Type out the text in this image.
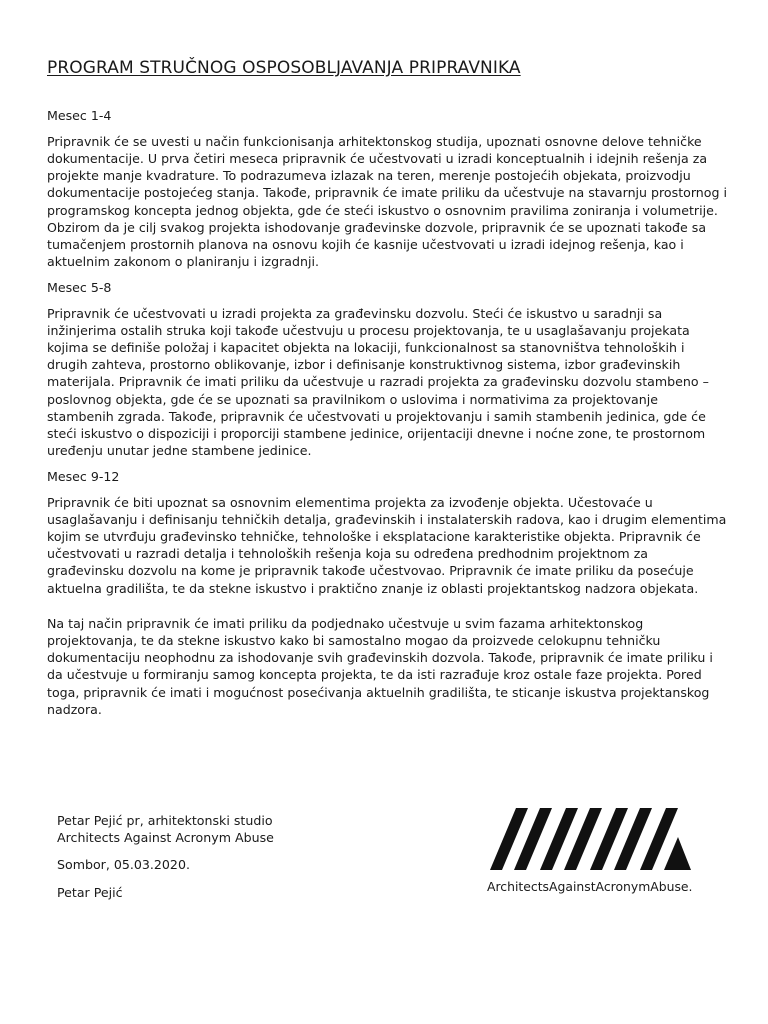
PROGRAM STRUČNOG OSPOSOBLJAVANJA PRIPRAVNIKA

Mesec 1-4

Pripravnik će se uvesti u način funkcionisanja arhitektonskog studija, upoznati osnovne delove tehničke dokumentacije. U prva četiri meseca pripravnik će učestvovati u izradi konceptualnih i idejnih rešenja za projekte manje kvadrature. To podrazumeva izlazak na teren, merenje postojećih objekata, proizvodju dokumentacije postojećeg stanja. Takođe, pripravnik će imate priliku da učestvuje na stavarnju prostornog i programskog koncepta jednog objekta, gde će steći iskustvo o osnovnim pravilima zoniranja i volumetrije. Obzirom da je cilj svakog projekta ishodovanje građevinske dozvole, pripravnik će se upoznati takođe sa tumačenjem prostornih planova na osnovu kojih će kasnije učestvovati u izradi idejnog rešenja, kao i aktuelnim zakonom o planiranju i izgradnji.

Mesec 5-8

Pripravnik će učestvovati u izradi projekta za građevinsku dozvolu. Steći će iskustvo u saradnji sa inžinjerima ostalih struka koji takođe učestvuju u procesu projektovanja, te u usaglašavanju projekata kojima se definiše položaj i kapacitet objekta na lokaciji, funkcionalnost sa stanovništva tehnoloških i drugih zahteva, prostorno oblikovanje, izbor i definisanje konstruktivnog sistema, izbor građevinskih materijala. Pripravnik će imati priliku da učestvuje u razradi projekta za građevinsku dozvolu stambeno – poslovnog objekta, gde će se upoznati sa pravilnikom o uslovima i normativima za projektovanje stambenih zgrada. Takođe, pripravnik će učestvovati u projektovanju i samih stambenih jedinica, gde će steći iskustvo o dispoziciji i proporciji stambene jedinice, orijentaciji dnevne i noćne zone, te prostornom uređenju unutar jedne stambene jedinice.

Mesec 9-12

Pripravnik će biti upoznat sa osnovnim elementima projekta za izvođenje objekta. Učestovaće u usaglašavanju i definisanju tehničkih detalja, građevinskih i instalaterskih radova, kao i drugim elementima kojim se utvrđuju građevinsko tehničke, tehnološke i eksplatacione karakteristike objekta. Pripravnik će učestvovati u razradi detalja i tehnoloških rešenja koja su određena predhodnim projektnom za građevinsku dozvolu na kome je pripravnik takođe učestvovao. Pripravnik će imate priliku da posećuje aktuelna gradilišta, te da stekne iskustvo i praktično znanje iz oblasti projektantskog nadzora objekata.

Na taj način pripravnik će imati priliku da podjednako učestvuje u svim fazama arhitektonskog projektovanja, te da stekne iskustvo kako bi samostalno mogao da proizvede celokupnu tehničku dokumentaciju neophodnu za ishodovanje svih građevinskih dozvola. Takođe, pripravnik će imate priliku i da učestvuje u formiranju samog koncepta projekta, te da isti razrađuje kroz ostale faze projekta. Pored toga, pripravnik će imati i mogućnost posećivanja aktuelnih gradilišta, te sticanje iskustva projektanskog nadzora.

Petar Pejić pr, arhitektonski studio

Architects Against Acronym Abuse

Sombor, 05.03.2020.

Petar Pejić	ArchitectsAgainstAcronymAbuse.
